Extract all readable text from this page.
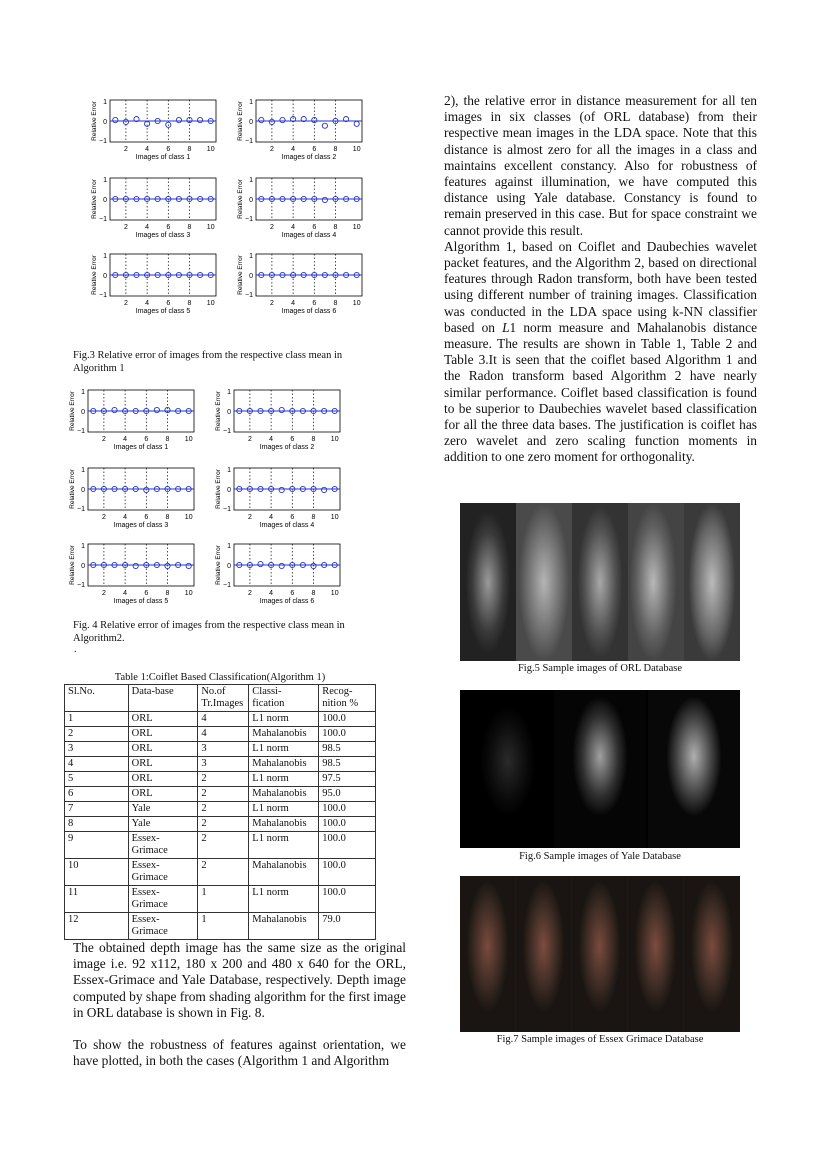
1
0
−1
2 4 6 8 10
Images of class 1
Relative Error	1
0
−1
2 4 6 8 10
Images of class 2
Relative Error
1
0
−1
2 4 6 8 10
Images of class 3
Relative Error	1
0
−1
2 4 6 8 10
Images of class 4
Relative Error
1
0
−1
2 4 6 8 10
Images of class 5
Relative Error	1
0
−1
2 4 6 8 10
Images of class 6
Relative Error
Fig.3 Relative error of images from the respective class mean in Algorithm 1
1
0
−1
2 4 6 8 10
Images of class 1
Relative Error	1
0
−1
2 4 6 8 10
Images of class 2
Relative Error
1
0
−1
2 4 6 8 10
Images of class 3
Relative Error	1
0
−1
2 4 6 8 10
Images of class 4
Relative Error
1
0
−1
2 4 6 8 10
Images of class 5
Relative Error	1
0
−1
2 4 6 8 10
Images of class 6
Relative Error
Fig. 4 Relative error of images from the respective class mean in Algorithm2.
.
Table 1:Coiflet Based Classification(Algorithm 1)
Sl.No.	Data-base	No.of Tr.Images	Classi- fication	Recog- nition %
1	ORL	4	L1 norm	100.0
2	ORL	4	Mahalanobis	100.0
3	ORL	3	L1 norm	98.5
4	ORL	3	Mahalanobis	98.5
5	ORL	2	L1 norm	97.5
6	ORL	2	Mahalanobis	95.0
7	Yale	2	L1 norm	100.0
8	Yale	2	Mahalanobis	100.0
9	Essex- Grimace	2	L1 norm	100.0
10	Essex- Grimace	2	Mahalanobis	100.0
11	Essex- Grimace	1	L1 norm	100.0
12	Essex- Grimace	1	Mahalanobis	79.0

The obtained depth image has the same size as the original image i.e. 92 x112, 180 x 200 and 480 x 640 for the ORL, Essex-Grimace and Yale Database, respectively. Depth image computed by shape from shading algorithm for the first image in ORL database is shown in Fig. 8.

To show the robustness of features against orientation, we have plotted, in both the cases (Algorithm 1 and Algorithm

2), the relative error in distance measurement for all ten images in six classes (of ORL database) from their respective mean images in the LDA space. Note that this distance is almost zero for all the images in a class and maintains excellent constancy. Also for robustness of features against illumination, we have computed this distance using Yale database. Constancy is found to remain preserved in this case. But for space constraint we cannot provide this result.

Algorithm 1, based on Coiflet and Daubechies wavelet packet features, and the Algorithm 2, based on directional features through Radon transform, both have been tested using different number of training images. Classification was conducted in the LDA space using k-NN classifier based on L1 norm measure and Mahalanobis distance measure. The results are shown in Table 1, Table 2 and Table 3.It is seen that the coiflet based Algorithm 1 and the Radon transform based Algorithm 2 have nearly similar performance. Coiflet based classification is found to be superior to Daubechies wavelet based classification for all the three data bases. The justification is coiflet has zero wavelet and zero scaling function moments in addition to one zero moment for orthogonality.

Fig.5 Sample images of ORL Database
Fig.6 Sample images of Yale Database
Fig.7 Sample images of Essex Grimace Database
